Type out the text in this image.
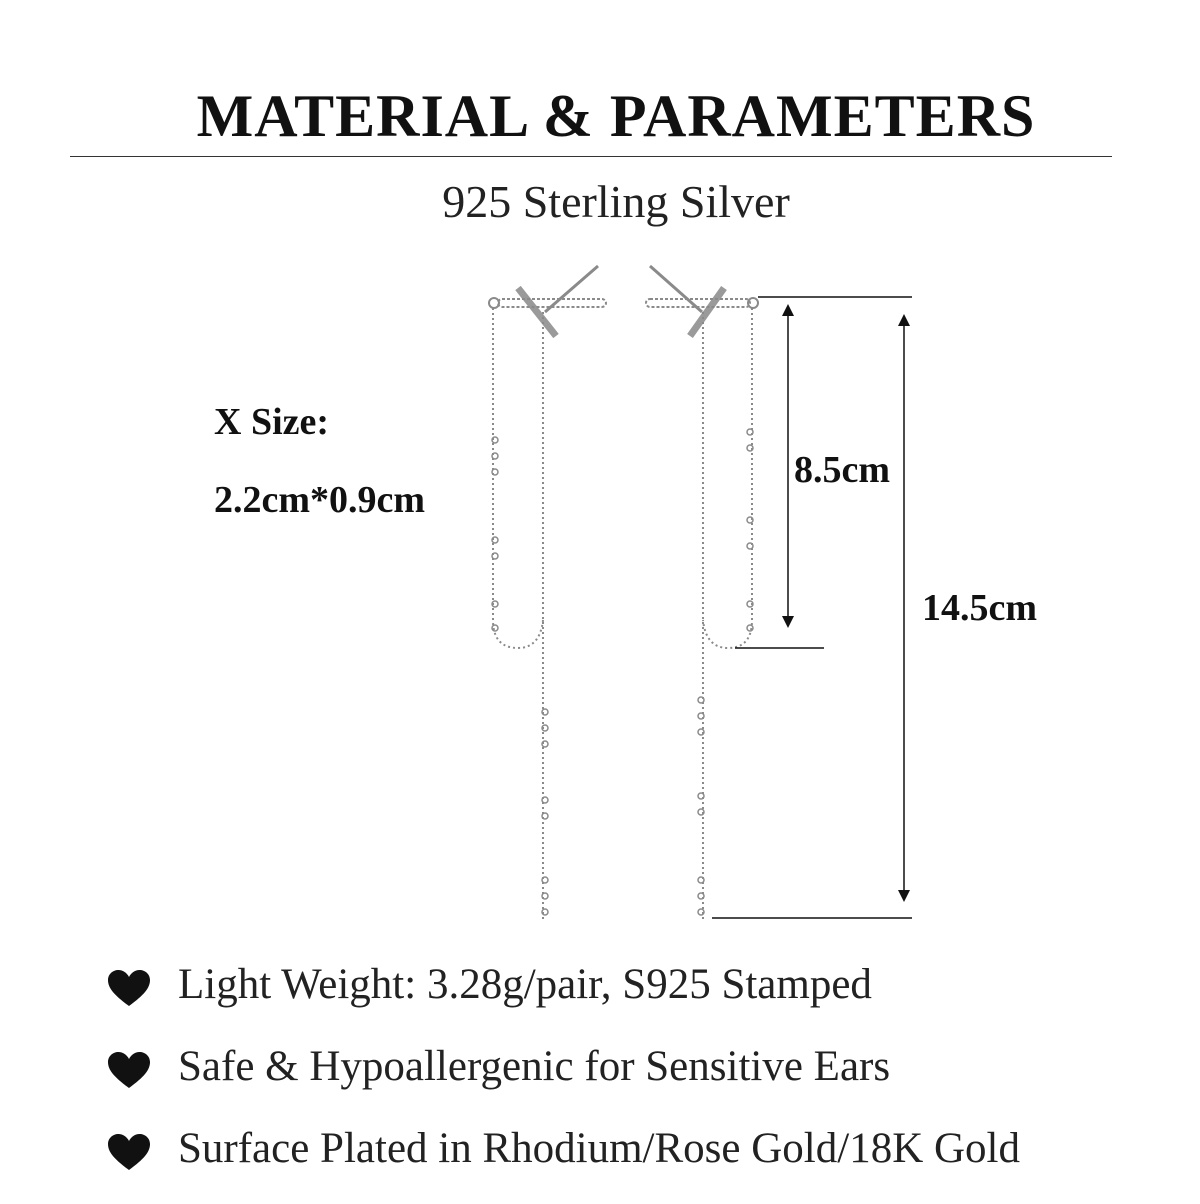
MATERIAL & PARAMETERS
925 Sterling Silver
X Size:
2.2cm*0.9cm
8.5cm
14.5cm
Light Weight: 3.28g/pair, S925 Stamped
Safe & Hypoallergenic for Sensitive Ears
Surface Plated in Rhodium/Rose Gold/18K Gold
